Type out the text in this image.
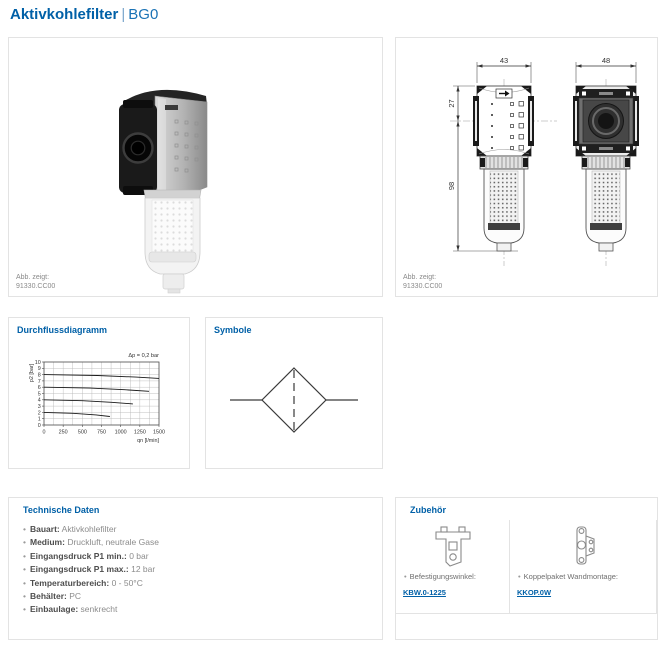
Aktivkohlefilter | BG0
Abb. zeigt:
91330.CC00
43
27
98
48
Abb. zeigt:
91330.CC00
Durchflussdiagramm
0
1
2
3
4
5
6
7
8
9
10
0 250 500 750 1000 1250 1500
Δp = 0,2 bar
qn [l/min]
p2 [bar]
Symbole
Technische Daten
• Bauart: Aktivkohlefilter
• Medium: Druckluft, neutrale Gase
• Eingangsdruck P1 min.: 0 bar
• Eingangsdruck P1 max.: 12 bar
• Temperaturbereich: 0 - 50°C
• Behälter: PC
• Einbaulage: senkrecht
Zubehör
• Befestigungswinkel:
KBW.0-1225
• Koppelpaket Wandmontage:
KKOP.0W
